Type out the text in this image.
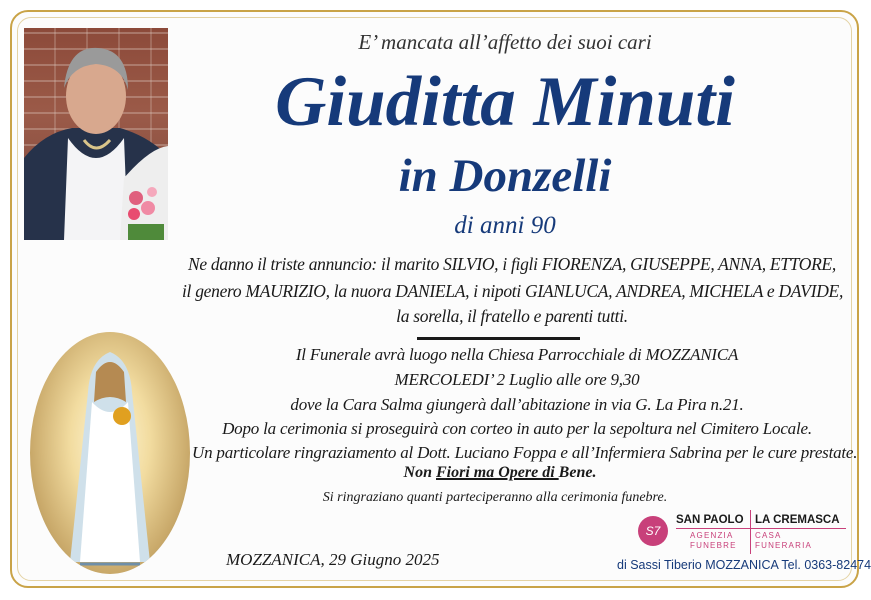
E’ mancata all’affetto dei suoi cari
Giuditta Minuti
in Donzelli
di anni 90
Ne danno il triste annuncio: il marito SILVIO, i figli FIORENZA, GIUSEPPE, ANNA, ETTORE,
il genero MAURIZIO, la nuora DANIELA, i nipoti GIANLUCA, ANDREA, MICHELA e DAVIDE,
la sorella, il fratello e parenti tutti.
Il Funerale avrà luogo nella Chiesa Parrocchiale di MOZZANICA
MERCOLEDI’ 2 Luglio alle ore 9,30
dove la Cara Salma giungerà dall’abitazione in via G. La Pira n.21.
Dopo la cerimonia si proseguirà con corteo in auto per la sepoltura nel Cimitero Locale.
Un particolare ringraziamento al Dott. Luciano Foppa e all’Infermiera Sabrina per le cure prestate.
Non Fiori ma Opere di Bene.
Si ringraziano quanti parteciperanno alla cerimonia funebre.
MOZZANICA, 29 Giugno 2025
S7
SAN PAOLO LA CREMASCA
AGENZIA
FUNEBRE
CASA
FUNERARIA
di Sassi Tiberio MOZZANICA Tel. 0363-82474
